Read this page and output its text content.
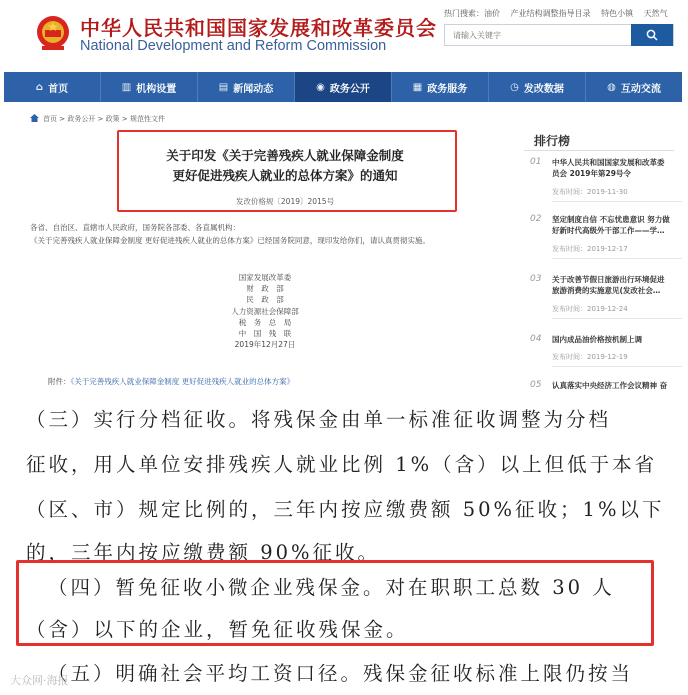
中华人民共和国国家发展和改革委员会
National Development and Reform Commission
热门搜索：油价 产业结构调整指导目录 特色小镇 天然气
请输入关键字
⌂ 首页	▥ 机构设置	▤ 新闻动态	◉ 政务公开	▦ 政务服务	◷ 发改数据	◍ 互动交流
首页 > 政务公开 > 政策 > 规范性文件
关于印发《关于完善残疾人就业保障金制度
更好促进残疾人就业的总体方案》的通知
发改价格规〔2019〕2015号
各省、自治区、直辖市人民政府，国务院各部委、各直属机构：
《关于完善残疾人就业保障金制度 更好促进残疾人就业的总体方案》已经国务院同意，现印发给你们，请认真贯彻实施。
国家发展改革委
财　政　部
民　政　部
人力资源社会保障部
税　务　总　局
中　国　残　联
2019年12月27日
附件：《关于完善残疾人就业保障金制度 更好促进残疾人就业的总体方案》
排行榜
01 中华人民共和国国家发展和改革委
员会 2019年第29号令
发布时间：2019-11-30
02 坚定制度自信 不忘忧患意识 努力做
好新时代高级外干部工作——学…
发布时间：2019-12-17
03 关于改善节假日旅游出行环境促进
旅游消费的实施意见(发改社会…
发布时间：2019-12-24
04 国内成品油价格按机制上调
发布时间：2019-12-19
05 认真落实中央经济工作会议精神 奋
（三）实行分档征收。将残保金由单一标准征收调整为分档
征收，用人单位安排残疾人就业比例 1%（含）以上但低于本省
（区、市）规定比例的，三年内按应缴费额 50%征收；1%以下
的，三年内按应缴费额 90%征收。
（四）暂免征收小微企业残保金。对在职职工总数 30 人
（含）以下的企业，暂免征收残保金。
（五）明确社会平均工资口径。残保金征收标准上限仍按当
大众网·海报
